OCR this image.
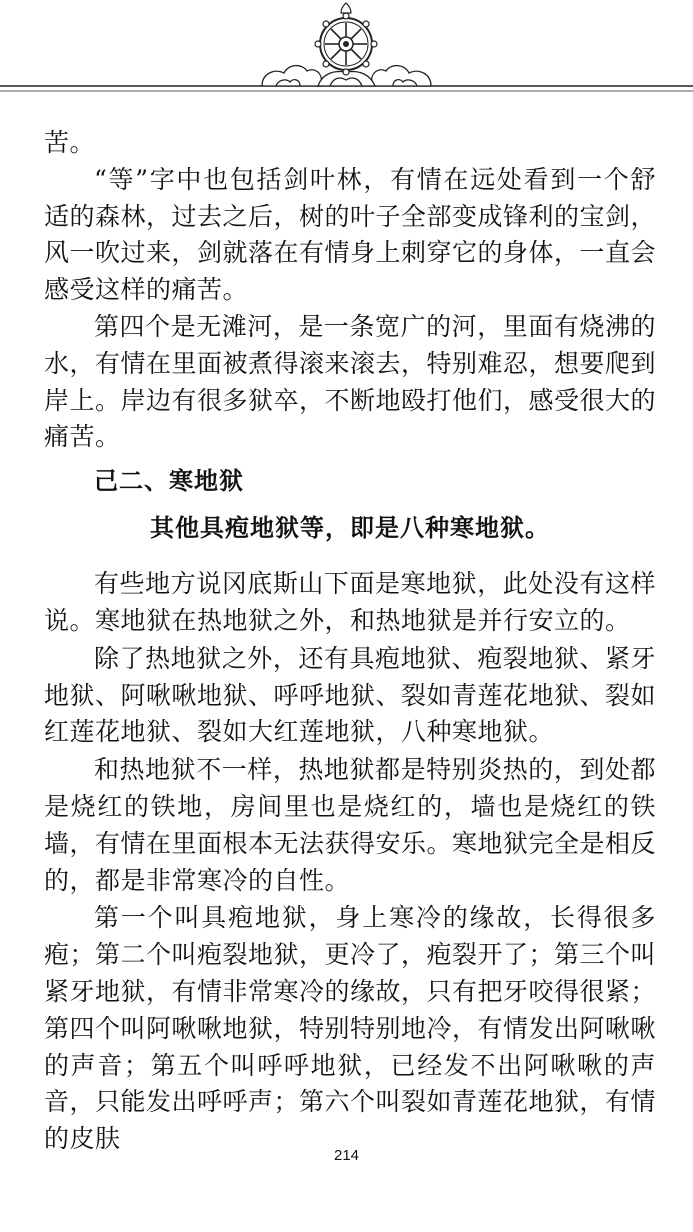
苦。

“等”字中也包括剑叶林，有情在远处看到一个舒适的森林，过去之后，树的叶子全部变成锋利的宝剑，风一吹过来，剑就落在有情身上刺穿它的身体，一直会感受这样的痛苦。

第四个是无滩河，是一条宽广的河，里面有烧沸的水，有情在里面被煮得滚来滚去，特别难忍，想要爬到岸上。岸边有很多狱卒，不断地殴打他们，感受很大的痛苦。

己二、寒地狱
其他具疱地狱等，即是八种寒地狱。

有些地方说冈底斯山下面是寒地狱，此处没有这样说。寒地狱在热地狱之外，和热地狱是并行安立的。

除了热地狱之外，还有具疱地狱、疱裂地狱、紧牙地狱、阿啾啾地狱、呼呼地狱、裂如青莲花地狱、裂如红莲花地狱、裂如大红莲地狱，八种寒地狱。

和热地狱不一样，热地狱都是特别炎热的，到处都是烧红的铁地，房间里也是烧红的，墙也是烧红的铁墙，有情在里面根本无法获得安乐。寒地狱完全是相反的，都是非常寒冷的自性。

第一个叫具疱地狱，身上寒冷的缘故，长得很多疱；第二个叫疱裂地狱，更冷了，疱裂开了；第三个叫紧牙地狱，有情非常寒冷的缘故，只有把牙咬得很紧；第四个叫阿啾啾地狱，特别特别地冷，有情发出阿啾啾的声音；第五个叫呼呼地狱，已经发不出阿啾啾的声音，只能发出呼呼声；第六个叫裂如青莲花地狱，有情的皮肤

214
